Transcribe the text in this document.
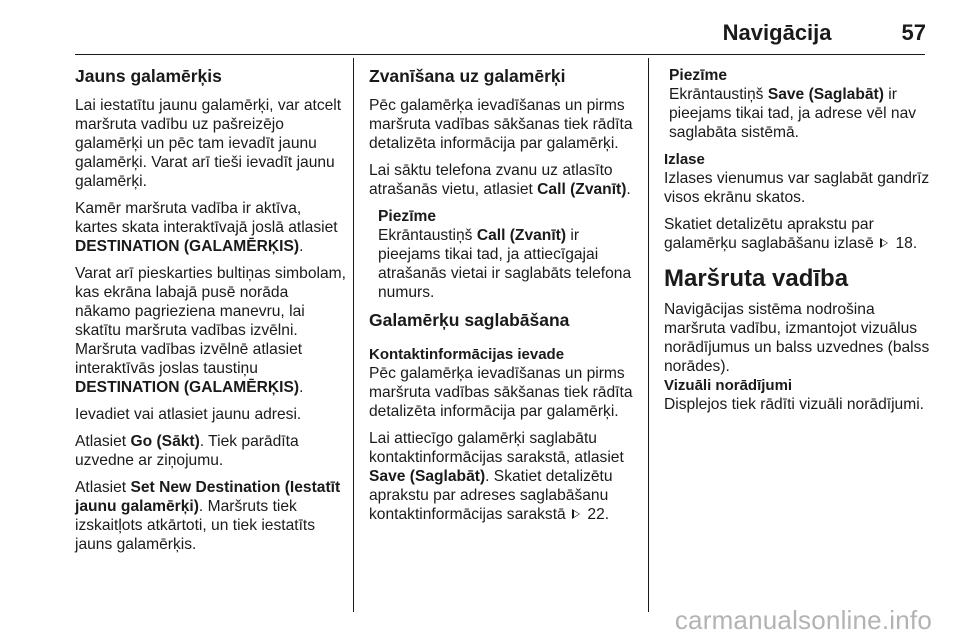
Navigācija	57
Jauns galamērķis

Lai iestatītu jaunu galamērķi, var atcelt maršruta vadību uz pašreizējo galamērķi un pēc tam ievadīt jaunu galamērķi. Varat arī tieši ievadīt jaunu galamērķi.

Kamēr maršruta vadība ir aktīva, kartes skata interaktīvajā joslā atlasiet DESTINATION (GALAMĒRĶIS).

Varat arī pieskarties bultiņas simbolam, kas ekrāna labajā pusē norāda nākamo pagrieziena manevru, lai skatītu maršruta vadības izvēlni. Maršruta vadības izvēlnē atlasiet interaktīvās joslas taustiņu DESTINATION (GALAMĒRĶIS).

Ievadiet vai atlasiet jaunu adresi.

Atlasiet Go (Sākt). Tiek parādīta uzvedne ar ziņojumu.

Atlasiet Set New Destination (Iestatīt jaunu galamērķi). Maršruts tiek izskaitļots atkārtoti, un tiek iestatīts jauns galamērķis.

Zvanīšana uz galamērķi

Pēc galamērķa ievadīšanas un pirms maršruta vadības sākšanas tiek rādīta detalizēta informācija par galamērķi.

Lai sāktu telefona zvanu uz atlasīto atrašanās vietu, atlasiet Call (Zvanīt).

Piezīme

Ekrāntaustiņš Call (Zvanīt) ir pieejams tikai tad, ja attiecīgajai atrašanās vietai ir saglabāts telefona numurs.

Galamērķu saglabāšana
Kontaktinformācijas ievade

Pēc galamērķa ievadīšanas un pirms maršruta vadības sākšanas tiek rādīta detalizēta informācija par galamērķi.

Lai attiecīgo galamērķi saglabātu kontaktinformācijas sarakstā, atlasiet Save (Saglabāt). Skatiet detalizētu aprakstu par adreses saglabāšanu kontaktinformācijas sarakstā  22.

Piezīme

Ekrāntaustiņš Save (Saglabāt) ir pieejams tikai tad, ja adrese vēl nav saglabāta sistēmā.

Izlase

Izlases vienumus var saglabāt gandrīz visos ekrānu skatos.

Skatiet detalizētu aprakstu par galamērķu saglabāšanu izlasē  18.

Maršruta vadība

Navigācijas sistēma nodrošina maršruta vadību, izmantojot vizuālus norādījumus un balss uzvednes (balss norādes).

Vizuāli norādījumi

Displejos tiek rādīti vizuāli norādījumi.

carmanualsonline.info
